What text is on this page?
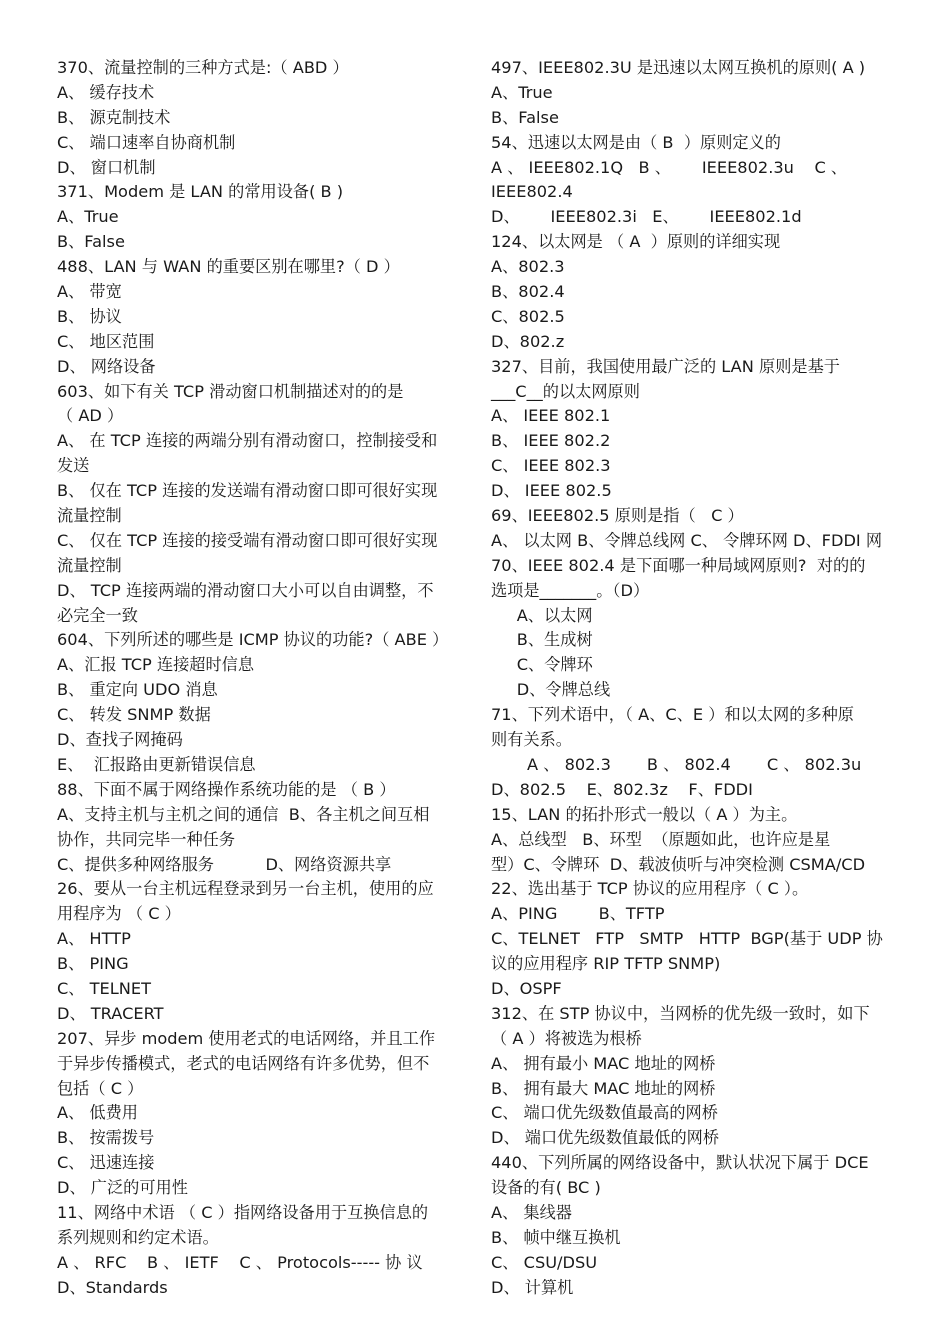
370、流量控制的三种方式是:（ ABD ）
A、 缓存技术
B、 源克制技术
C、 端口速率自协商机制
D、 窗口机制
371、Modem 是 LAN 的常用设备( B )
A、True
B、False
488、LAN 与 WAN 的重要区别在哪里?（ D ）
A、 带宽
B、 协议
C、 地区范围
D、 网络设备
603、如下有关 TCP 滑动窗口机制描述对的的是
（ AD ）
A、 在 TCP 连接的两端分别有滑动窗口，控制接受和
发送
B、 仅在 TCP 连接的发送端有滑动窗口即可很好实现
流量控制
C、 仅在 TCP 连接的接受端有滑动窗口即可很好实现
流量控制
D、 TCP 连接两端的滑动窗口大小可以自由调整，不
必完全一致
604、下列所述的哪些是 ICMP 协议的功能?（ ABE ）
A、汇报 TCP 连接超时信息
B、 重定向 UDO 消息
C、 转发 SNMP 数据
D、查找子网掩码
E、  汇报路由更新错误信息
88、下面不属于网络操作系统功能的是 （ B ）
A、支持主机与主机之间的通信  B、各主机之间互相
协作，共同完毕一种任务
C、提供多种网络服务          D、网络资源共享
26、要从一台主机远程登录到另一台主机，使用的应
用程序为 （ C ）
A、 HTTP
B、 PING
C、 TELNET
D、 TRACERT
207、异步 modem 使用老式的电话网络，并且工作
于异步传播模式，老式的电话网络有许多优势，但不
包括（ C ）
A、 低费用
B、 按需拨号
C、 迅速连接
D、 广泛的可用性
11、网络中术语 （ C ）指网络设备用于互换信息的
系列规则和约定术语。
A 、 RFC    B 、 IETF    C 、 Protocols----- 协 议
D、Standards
497、IEEE802.3U 是迅速以太网互换机的原则( A )
A、True
B、False
54、迅速以太网是由（ B  ）原则定义的
A 、 IEEE802.1Q   B 、      IEEE802.3u    C 、
IEEE802.4
D、      IEEE802.3i   E、      IEEE802.1d
124、以太网是 （ A  ）原则的详细实现
A、802.3
B、802.4
C、802.5
D、802.z
327、目前，我国使用最广泛的 LAN 原则是基于
___C__的以太网原则
A、 IEEE 802.1
B、 IEEE 802.2
C、 IEEE 802.3
D、 IEEE 802.5
69、IEEE802.5 原则是指（   C ）
A、 以太网 B、令牌总线网 C、 令牌环网 D、FDDI 网
70、IEEE 802.4 是下面哪一种局域网原则?  对的的
选项是_______。（D）
A、以太网
B、生成树
C、令牌环
D、令牌总线
71、下列术语中，（ A、C、E ）和以太网的多种原
则有关系。
A 、 802.3       B 、 802.4       C 、 802.3u
D、802.5    E、802.3z    F、FDDI
15、LAN 的拓扑形式一般以（ A ）为主。
A、总线型   B、环型  （原题如此，也许应是星
型）C、令牌环  D、载波侦听与冲突检测 CSMA/CD
22、选出基于 TCP 协议的应用程序（ C ）。
A、PING        B、TFTP
C、TELNET   FTP   SMTP   HTTP  BGP(基于 UDP 协
议的应用程序 RIP TFTP SNMP)
D、OSPF
312、在 STP 协议中，当网桥的优先级一致时，如下
（ A ）将被选为根桥
A、 拥有最小 MAC 地址的网桥
B、 拥有最大 MAC 地址的网桥
C、 端口优先级数值最高的网桥
D、 端口优先级数值最低的网桥
440、下列所属的网络设备中，默认状况下属于 DCE
设备的有( BC )
A、 集线器
B、 帧中继互换机
C、 CSU/DSU
D、 计算机
